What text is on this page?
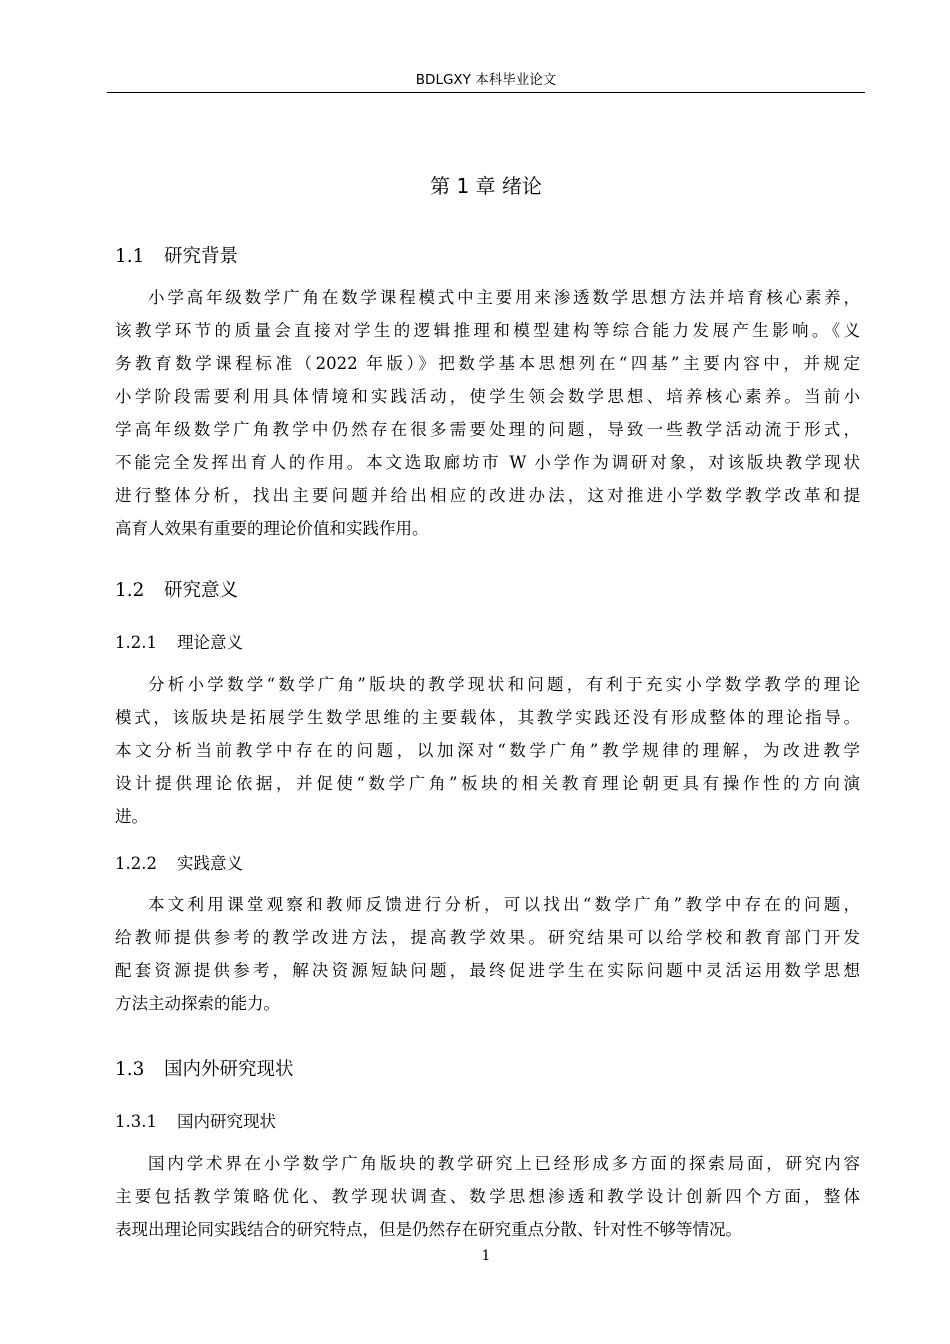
BDLGXY 本科毕业论文
第 1 章 绪论
1.1 研究背景
小学高年级数学广角在数学课程模式中主要用来渗透数学思想方法并培育核心素养，
该教学环节的质量会直接对学生的逻辑推理和模型建构等综合能力发展产生影响。《义
务教育数学课程标准（2022 年版）》把数学基本思想列在“四基”主要内容中，并规定
小学阶段需要利用具体情境和实践活动，使学生领会数学思想、培养核心素养。当前小
学高年级数学广角教学中仍然存在很多需要处理的问题，导致一些教学活动流于形式，
不能完全发挥出育人的作用。本文选取廊坊市 W 小学作为调研对象，对该版块教学现状
进行整体分析，找出主要问题并给出相应的改进办法，这对推进小学数学教学改革和提
高育人效果有重要的理论价值和实践作用。
1.2 研究意义
1.2.1 理论意义
分析小学数学“数学广角”版块的教学现状和问题，有利于充实小学数学教学的理论
模式，该版块是拓展学生数学思维的主要载体，其教学实践还没有形成整体的理论指导。
本文分析当前教学中存在的问题，以加深对“数学广角”教学规律的理解，为改进教学
设计提供理论依据，并促使“数学广角”板块的相关教育理论朝更具有操作性的方向演
进。
1.2.2 实践意义
本文利用课堂观察和教师反馈进行分析，可以找出“数学广角”教学中存在的问题，
给教师提供参考的教学改进方法，提高教学效果。研究结果可以给学校和教育部门开发
配套资源提供参考，解决资源短缺问题，最终促进学生在实际问题中灵活运用数学思想
方法主动探索的能力。
1.3 国内外研究现状
1.3.1 国内研究现状
国内学术界在小学数学广角版块的教学研究上已经形成多方面的探索局面，研究内容
主要包括教学策略优化、教学现状调查、数学思想渗透和教学设计创新四个方面，整体
表现出理论同实践结合的研究特点，但是仍然存在研究重点分散、针对性不够等情况。
1
